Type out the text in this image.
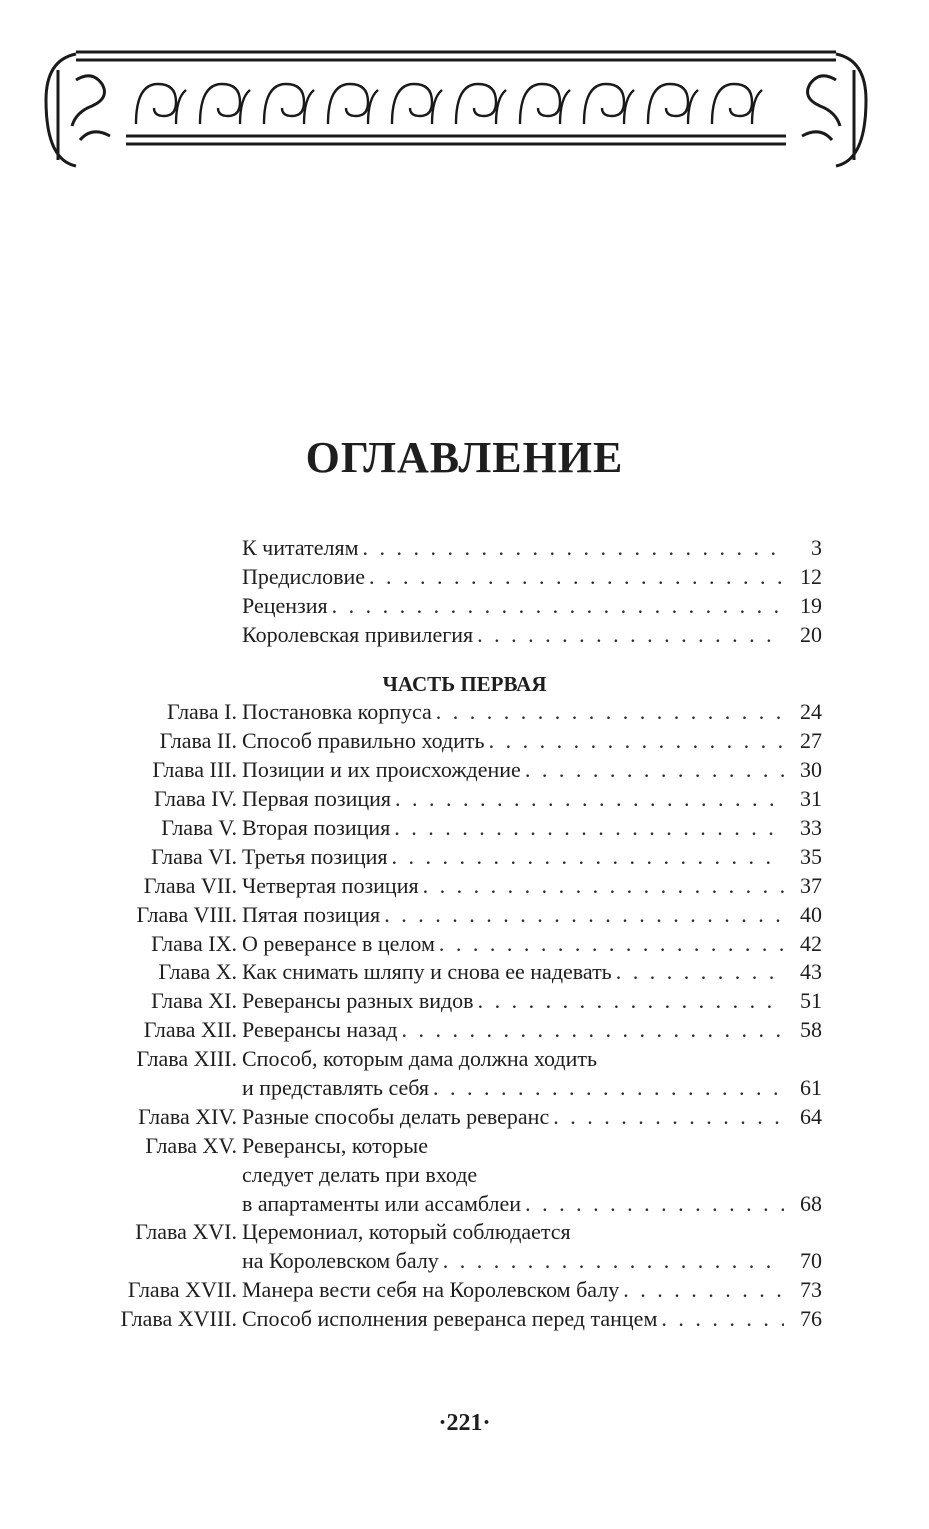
ОГЛАВЛЕНИЕ
К читателям . . .	3
Предисловие . . .	12
Рецензия . . .	19
Королевская привилегия . . .	20
ЧАСТЬ ПЕРВАЯ
Глава I. Постановка корпуса . . .	24
Глава II. Способ правильно ходить . . .	27
Глава III. Позиции и их происхождение . . .	30
Глава IV. Первая позиция . . .	31
Глава V. Вторая позиция . . .	33
Глава VI. Третья позиция . . .	35
Глава VII. Четвертая позиция . . .	37
Глава VIII. Пятая позиция . . .	40
Глава IX. О реверансе в целом . . .	42
Глава X. Как снимать шляпу и снова ее надевать . . .	43
Глава XI. Реверансы разных видов . . .	51
Глава XII. Реверансы назад . . .	58
Глава XIII. Способ, которым дама должна ходить
и представлять себя . . .	61
Глава XIV. Разные способы делать реверанс . . .	64
Глава XV. Реверансы, которые
следует делать при входе
в апартаменты или ассамблеи . . .	68
Глава XVI. Церемониал, который соблюдается
на Королевском балу . . .	70
Глава XVII. Манера вести себя на Королевском балу . . .	73
Глава XVIII. Способ исполнения реверанса перед танцем . . .	76
·221·
